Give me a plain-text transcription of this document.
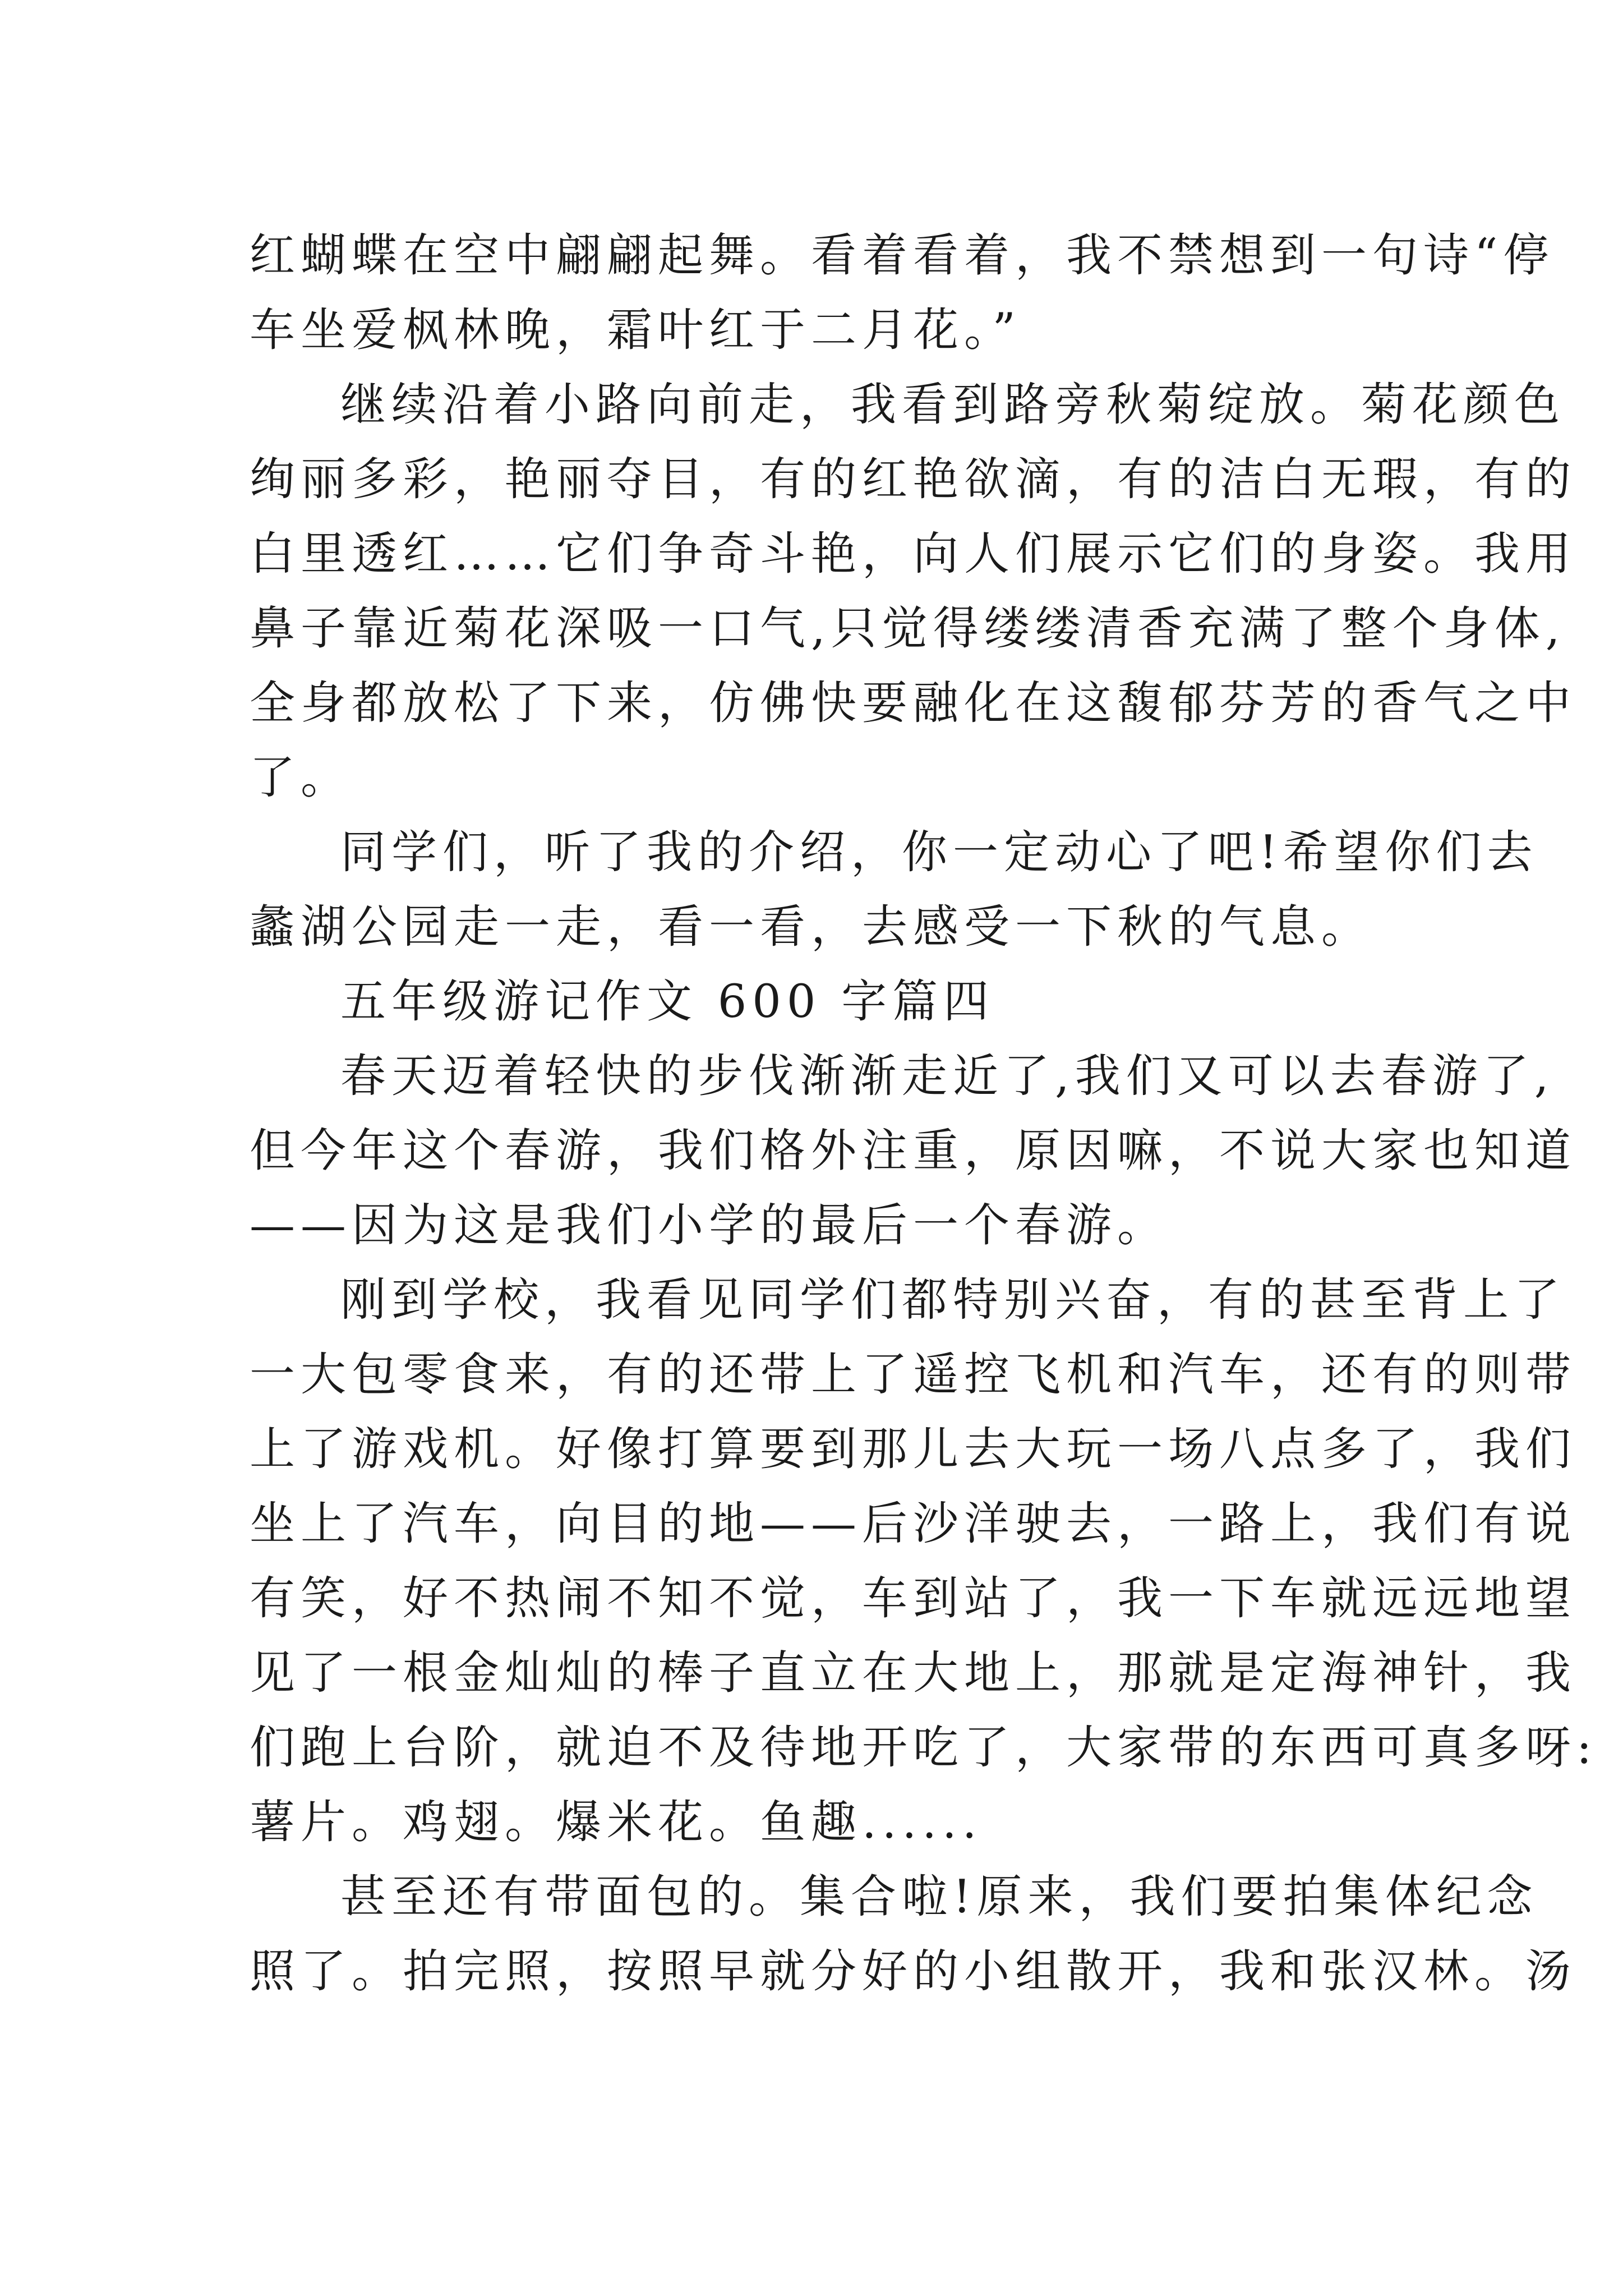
红蝴蝶在空中翩翩起舞。看着看着，我不禁想到一句诗“停
车坐爱枫林晚，霜叶红于二月花。”
继续沿着小路向前走，我看到路旁秋菊绽放。菊花颜色
绚丽多彩，艳丽夺目，有的红艳欲滴，有的洁白无瑕，有的
白里透红……它们争奇斗艳，向人们展示它们的身姿。我用
鼻子靠近菊花深吸一口气,只觉得缕缕清香充满了整个身体,
全身都放松了下来，仿佛快要融化在这馥郁芬芳的香气之中
了。
同学们，听了我的介绍，你一定动心了吧!希望你们去
蠡湖公园走一走，看一看，去感受一下秋的气息。
五年级游记作文 600 字篇四
春天迈着轻快的步伐渐渐走近了,我们又可以去春游了,
但今年这个春游，我们格外注重，原因嘛，不说大家也知道
——因为这是我们小学的最后一个春游。
刚到学校，我看见同学们都特别兴奋，有的甚至背上了
一大包零食来，有的还带上了遥控飞机和汽车，还有的则带
上了游戏机。好像打算要到那儿去大玩一场八点多了，我们
坐上了汽车，向目的地——后沙洋驶去，一路上，我们有说
有笑，好不热闹不知不觉，车到站了，我一下车就远远地望
见了一根金灿灿的棒子直立在大地上，那就是定海神针，我
们跑上台阶，就迫不及待地开吃了，大家带的东西可真多呀:
薯片。鸡翅。爆米花。鱼趣......
甚至还有带面包的。集合啦!原来，我们要拍集体纪念
照了。拍完照，按照早就分好的小组散开，我和张汉林。汤
